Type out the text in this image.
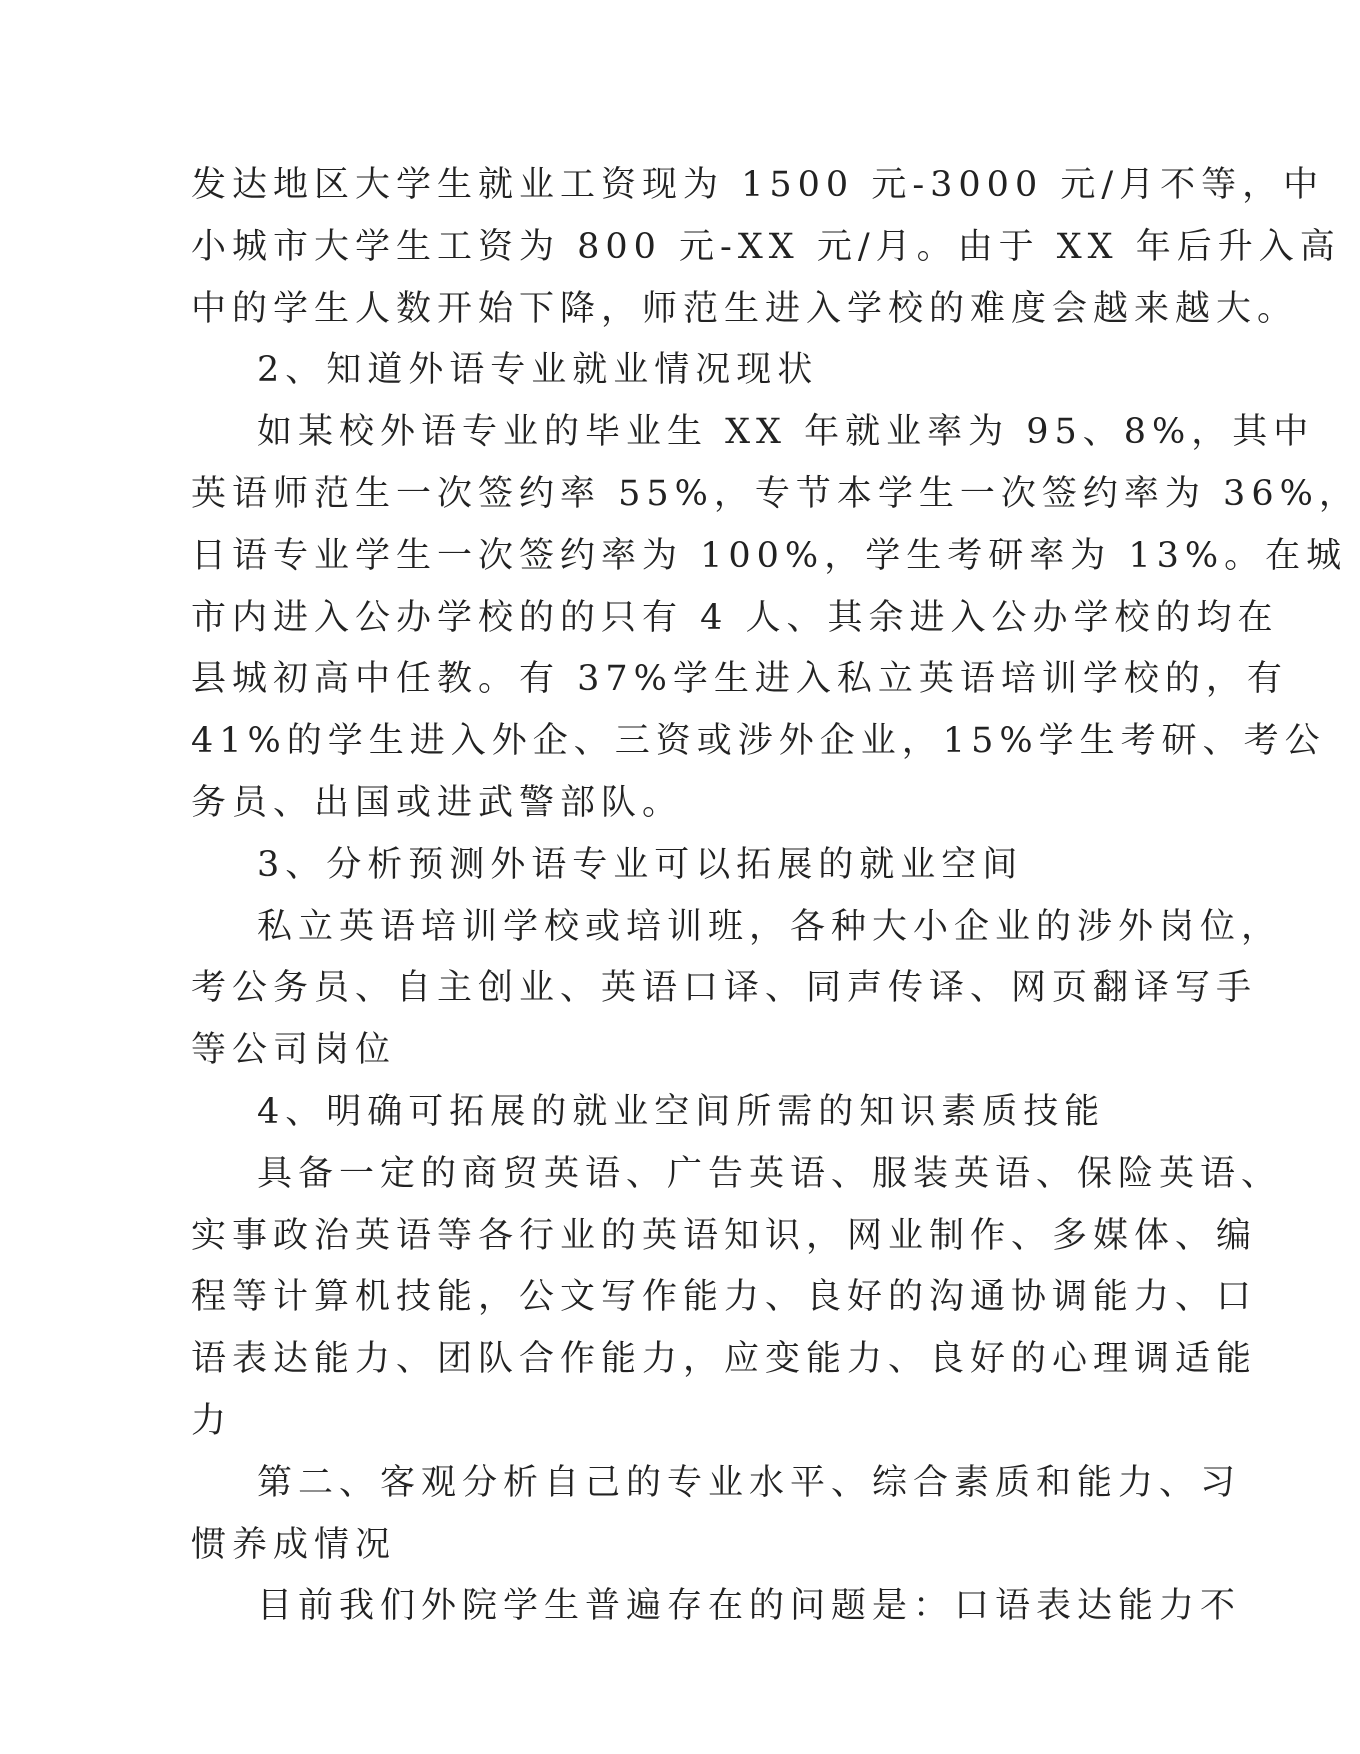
发达地区大学生就业工资现为 1500 元-3000 元/月不等，中
小城市大学生工资为 800 元-XX 元/月。由于 XX 年后升入高
中的学生人数开始下降，师范生进入学校的难度会越来越大。
2、知道外语专业就业情况现状
如某校外语专业的毕业生 XX 年就业率为 95、8%，其中
英语师范生一次签约率 55%，专节本学生一次签约率为 36%，
日语专业学生一次签约率为 100%，学生考研率为 13%。在城
市内进入公办学校的的只有 4 人、其余进入公办学校的均在
县城初高中任教。有 37%学生进入私立英语培训学校的，有
41%的学生进入外企、三资或涉外企业，15%学生考研、考公
务员、出国或进武警部队。
3、分析预测外语专业可以拓展的就业空间
私立英语培训学校或培训班，各种大小企业的涉外岗位，
考公务员、自主创业、英语口译、同声传译、网页翻译写手
等公司岗位
4、明确可拓展的就业空间所需的知识素质技能
具备一定的商贸英语、广告英语、服装英语、保险英语、
实事政治英语等各行业的英语知识，网业制作、多媒体、编
程等计算机技能，公文写作能力、良好的沟通协调能力、口
语表达能力、团队合作能力，应变能力、良好的心理调适能
力
第二、客观分析自己的专业水平、综合素质和能力、习
惯养成情况
目前我们外院学生普遍存在的问题是：口语表达能力不
